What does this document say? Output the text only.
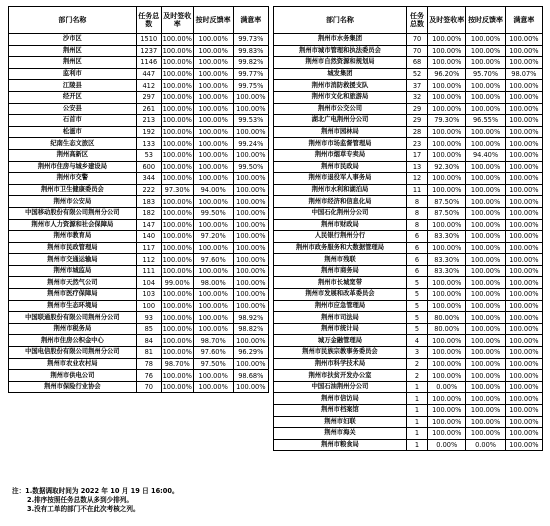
部门名称	任务总数	及时签收率	按时反馈率	满意率
沙市区	1510	100.00%	100.00%	99.73%
荆州区	1237	100.00%	100.00%	99.83%
荆州区	1146	100.00%	100.00%	99.82%
监利市	447	100.00%	100.00%	99.77%
江陵县	412	100.00%	100.00%	99.75%
经开区	297	100.00%	100.00%	100.00%
公安县	261	100.00%	100.00%	100.00%
石首市	213	100.00%	100.00%	99.53%
松滋市	192	100.00%	100.00%	100.00%
纪南生态文旅区	133	100.00%	100.00%	99.24%
荆州高新区	53	100.00%	100.00%	100.00%
荆州市住房与城乡建设局	600	100.00%	100.00%	99.50%
荆州市交警	344	100.00%	100.00%	100.00%
荆州市卫生健康委员会	222	97.30%	94.00%	100.00%
荆州市公安局	183	100.00%	100.00%	100.00%
中国移动股份有限公司荆州分公司	182	100.00%	99.50%	100.00%
荆州市人力资源和社会保障局	147	100.00%	100.00%	100.00%
荆州市教育局	140	100.00%	97.20%	100.00%
荆州市民政管理局	117	100.00%	100.00%	100.00%
荆州市交通运输局	112	100.00%	97.60%	100.00%
荆州市城监局	111	100.00%	100.00%	100.00%
荆州市天然气公司	104	99.00%	98.00%	100.00%
荆州市医疗保障局	103	100.00%	100.00%	100.00%
荆州市生态环境局	100	100.00%	100.00%	100.00%
中国联通股份有限公司荆州分公司	93	100.00%	100.00%	98.92%
荆州市税务局	85	100.00%	100.00%	98.82%
荆州市住房公积金中心	84	100.00%	98.70%	100.00%
中国电信股份有限公司荆州分公司	81	100.00%	97.60%	96.29%
荆州市农业农村局	78	98.70%	97.50%	100.00%
荆州市供电公司	76	100.00%	100.00%	98.68%
荆州市保险行业协会	70	100.00%	100.00%	100.00%
部门名称	任务总数	及时签收率	按时反馈率	满意率
荆州市水务集团	70	100.00%	100.00%	100.00%
荆州市城市管理和执法委员会	70	100.00%	100.00%	100.00%
荆州市自然资源和规划局	68	100.00%	100.00%	100.00%
城发集团	52	96.20%	95.70%	98.07%
荆州市消防救援支队	37	100.00%	100.00%	100.00%
荆州市文化和旅游局	32	100.00%	100.00%	100.00%
荆州市公交公司	29	100.00%	100.00%	100.00%
湖北广电荆州分公司	29	79.30%	96.55%	100.00%
荆州市园林局	28	100.00%	100.00%	100.00%
荆州市市场监督管理局	23	100.00%	100.00%	100.00%
荆州市烟草专卖局	17	100.00%	94.40%	100.00%
荆州市民政局	13	92.30%	100.00%	100.00%
荆州市退役军人事务局	12	100.00%	100.00%	100.00%
荆州市水利和湖泊局	11	100.00%	100.00%	100.00%
荆州市经济和信息化局	8	87.50%	100.00%	100.00%
中国石化荆州分公司	8	87.50%	100.00%	100.00%
荆州市财政局	8	100.00%	100.00%	100.00%
人民银行荆州分行	6	83.30%	100.00%	100.00%
荆州市政务服务和大数据管理局	6	100.00%	100.00%	100.00%
荆州市残联	6	83.30%	100.00%	100.00%
荆州市商务局	6	83.30%	100.00%	100.00%
荆州市长城宽带	5	100.00%	100.00%	100.00%
荆州市发展和改革委员会	5	100.00%	100.00%	100.00%
荆州市应急管理局	5	100.00%	100.00%	100.00%
荆州市司法局	5	80.00%	100.00%	100.00%
荆州市统计局	5	80.00%	100.00%	100.00%
城万金融管理局	4	100.00%	100.00%	100.00%
荆州市民族宗教事务委员会	3	100.00%	100.00%	100.00%
荆州市科学技术局	2	100.00%	100.00%	100.00%
荆州市扶贫开发办公室	2	100.00%	100.00%	100.00%
中国石油荆州分公司	1	0.00%	100.00%	100.00%
荆州市信访局	1	100.00%	100.00%	100.00%
荆州市档案馆	1	100.00%	100.00%	100.00%
荆州市妇联	1	100.00%	100.00%	100.00%
荆州市海关	1	100.00%	100.00%	100.00%
荆州市粮食局	1	0.00%	0.00%	100.00%
注：1.数据调取时间为 2022 年 10 月 19 日 16:00。
2.排序按照任务总数从多到少排列。
3.没有工单的部门不在此次考核之列。
